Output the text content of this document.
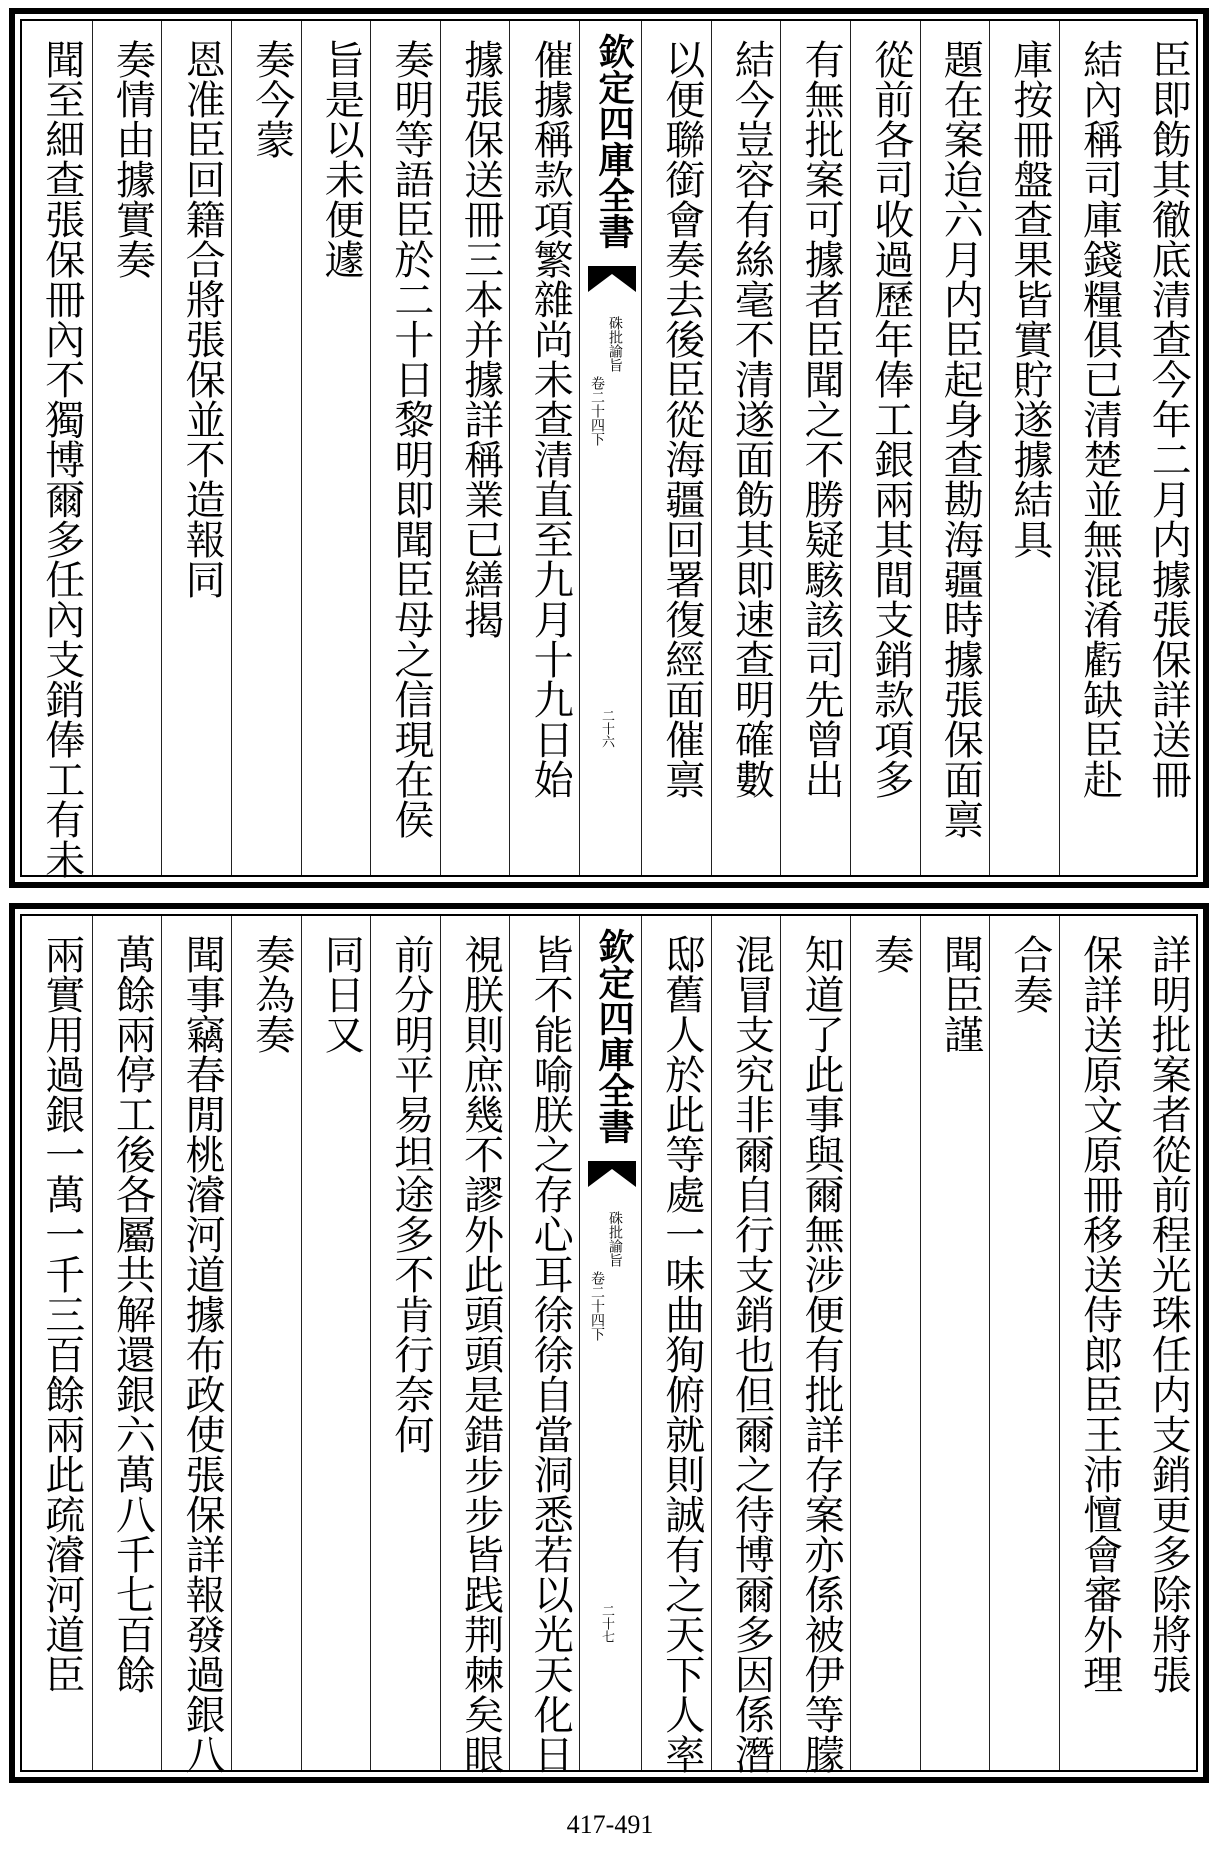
臣即飭其徹底清查今年二月内據張保詳送冊
結內稱司庫錢糧俱已清楚並無混淆虧缺臣赴
庫按冊盤查果皆實貯遂據結具
題在案迨六月内臣起身查勘海疆時據張保面禀
從前各司收過歷年俸工銀兩其間支銷款項多
有無批案可據者臣聞之不勝疑駭該司先曾出
結今豈容有絲毫不清遂面飭其即速查明確數
以便聯銜會奏去後臣從海疆回署復經面催禀
欽定四庫全書
硃批諭旨
卷二十四下
二十六
催據稱款項繁雜尚未查清直至九月十九日始
據張保送冊三本并據詳稱業已繕揭
奏明等語臣於二十日黎明即聞臣母之信現在侯
旨是以未便遽
奏今蒙
恩准臣回籍合將張保並不造報同
奏情由據實奏
聞至細查張保冊內不獨博爾多任內支銷俸工有未
詳明批案者從前程光珠任内支銷更多除將張
保詳送原文原冊移送侍郎臣王沛憻會審外理
合奏
聞臣謹
奏
知道了此事與爾無涉便有批詳存案亦係被伊等朦
混冒支究非爾自行支銷也但爾之待博爾多因係潛
邸舊人於此等處一味曲狥俯就則誠有之天下人率
欽定四庫全書
硃批諭旨
卷二十四下
二十七
皆不能喻朕之存心耳徐徐自當洞悉若以光天化日
視朕則庶幾不謬外此頭頭是錯步步皆践荆棘矣眼
前分明平易坦途多不肯行奈何
同日又
奏為奏
聞事竊春閒桃濬河道據布政使張保詳報發過銀八
萬餘兩停工後各屬共解還銀六萬八千七百餘
兩實用過銀一萬一千三百餘兩此疏濬河道臣
417-491
